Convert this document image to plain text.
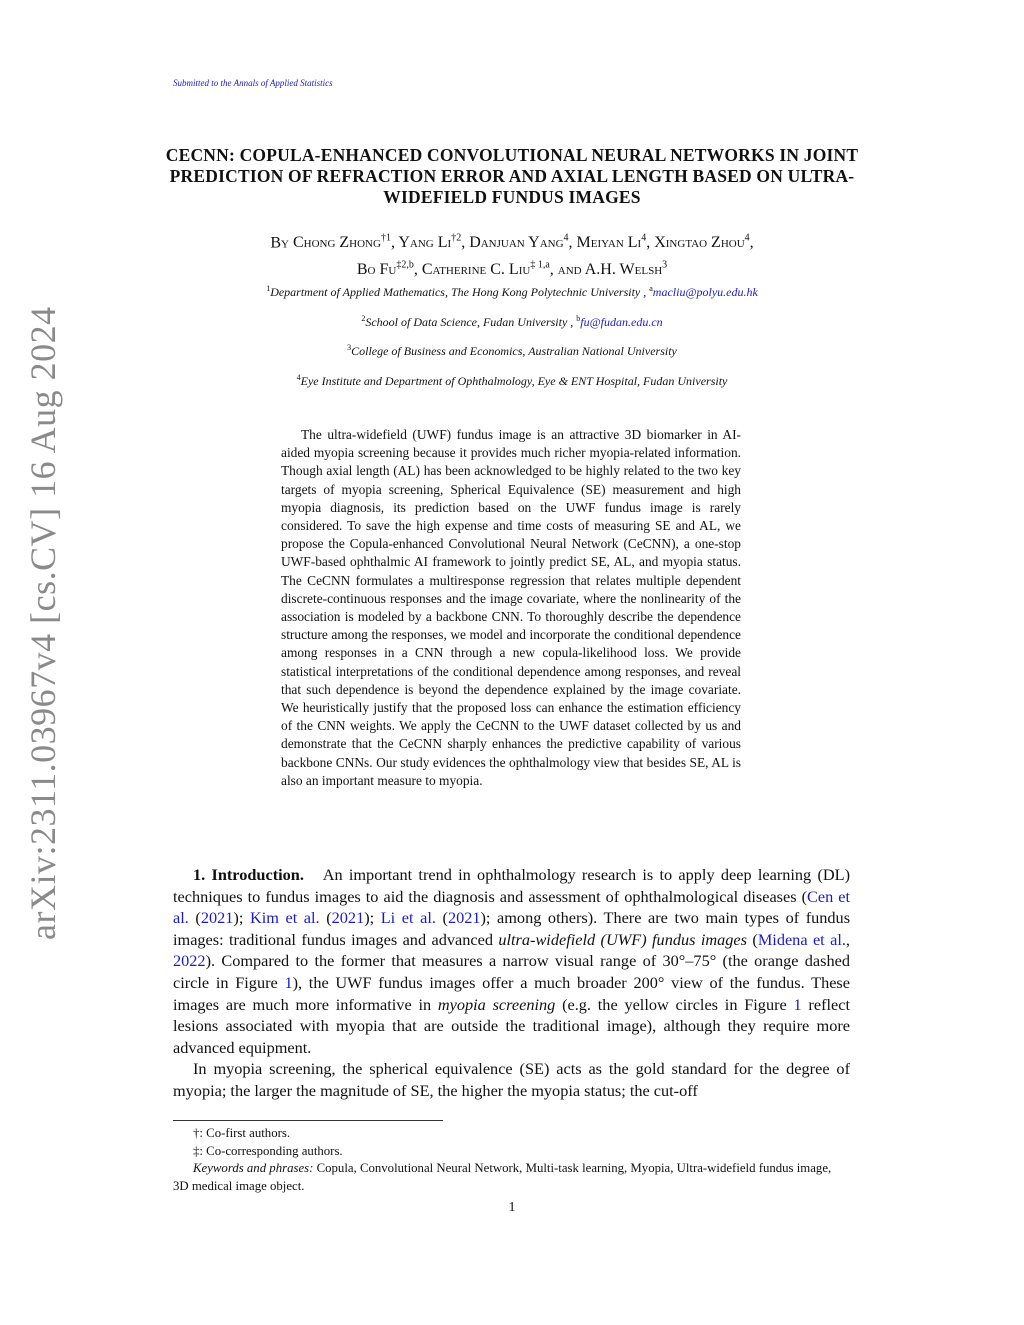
arXiv:2311.03967v4 [cs.CV] 16 Aug 2024
Submitted to the Annals of Applied Statistics
CECNN: COPULA-ENHANCED CONVOLUTIONAL NEURAL NETWORKS IN JOINT PREDICTION OF REFRACTION ERROR AND AXIAL LENGTH BASED ON ULTRA-WIDEFIELD FUNDUS IMAGES
By Chong Zhong$^{\dagger 1}$, Yang Li$^{\dagger 2}$, Danjuan Yang$^4$, Meiyan Li$^4$, Xingtao Zhou$^4$,
Bo Fu$^{\ddagger 2,b}$, Catherine C. Liu$^{\ddagger 1,a}$, and A.H. Welsh$^3$
$^1$Department of Applied Mathematics, The Hong Kong Polytechnic University , $^a$macliu@polyu.edu.hk
$^2$School of Data Science, Fudan University , $^b$fu@fudan.edu.cn
$^3$College of Business and Economics, Australian National University
$^4$Eye Institute and Department of Ophthalmology, Eye & ENT Hospital, Fudan University

The ultra-widefield (UWF) fundus image is an attractive 3D biomarker in AI-aided myopia screening because it provides much richer myopia-related information. Though axial length (AL) has been acknowledged to be highly related to the two key targets of myopia screening, Spherical Equivalence (SE) measurement and high myopia diagnosis, its prediction based on the UWF fundus image is rarely considered. To save the high expense and time costs of measuring SE and AL, we propose the Copula-enhanced Convolutional Neural Network (CeCNN), a one-stop UWF-based ophthalmic AI framework to jointly predict SE, AL, and myopia status. The CeCNN formulates a multiresponse regression that relates multiple dependent discrete-continuous responses and the image covariate, where the nonlinearity of the association is modeled by a backbone CNN. To thoroughly describe the dependence structure among the responses, we model and incorporate the conditional dependence among responses in a CNN through a new copula-likelihood loss. We provide statistical interpretations of the conditional dependence among responses, and reveal that such dependence is beyond the dependence explained by the image covariate. We heuristically justify that the proposed loss can enhance the estimation efficiency of the CNN weights. We apply the CeCNN to the UWF dataset collected by us and demonstrate that the CeCNN sharply enhances the predictive capability of various backbone CNNs. Our study evidences the ophthalmology view that besides SE, AL is also an important measure to myopia.

1. Introduction. An important trend in ophthalmology research is to apply deep learning (DL) techniques to fundus images to aid the diagnosis and assessment of ophthalmological diseases (Cen et al. (2021); Kim et al. (2021); Li et al. (2021); among others). There are two main types of fundus images: traditional fundus images and advanced ultra-widefield (UWF) fundus images (Midena et al., 2022). Compared to the former that measures a narrow visual range of 30°–75° (the orange dashed circle in Figure 1), the UWF fundus images offer a much broader 200° view of the fundus. These images are much more informative in myopia screening (e.g. the yellow circles in Figure 1 reflect lesions associated with myopia that are outside the traditional image), although they require more advanced equipment.

In myopia screening, the spherical equivalence (SE) acts as the gold standard for the degree of myopia; the larger the magnitude of SE, the higher the myopia status; the cut-off

†: Co-first authors.
‡: Co-corresponding authors.
Keywords and phrases: Copula, Convolutional Neural Network, Multi-task learning, Myopia, Ultra-widefield fundus image, 3D medical image object.
1
